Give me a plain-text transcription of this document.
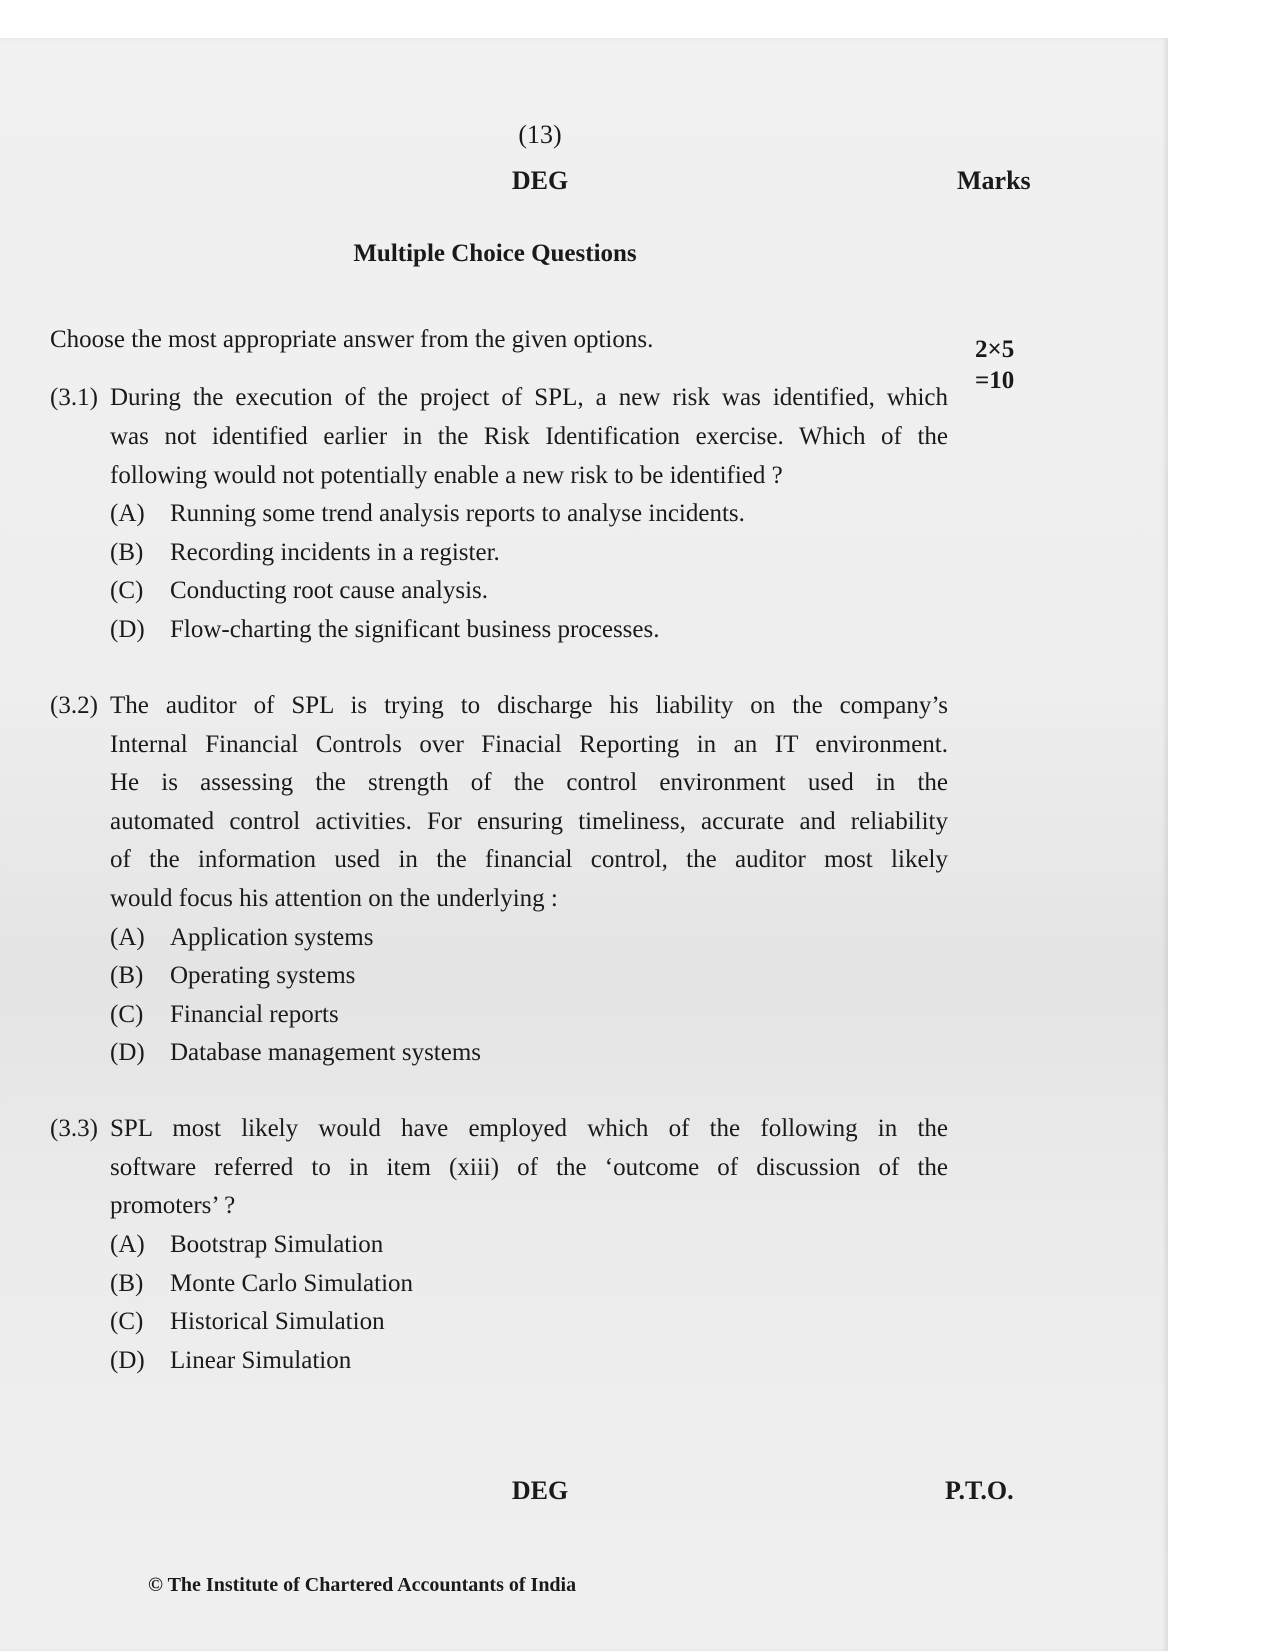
(13)
DEG	Marks
Multiple Choice Questions
Choose the most appropriate answer from the given options.	2×5
=10
(3.1) During the execution of the project of SPL, a new risk was identified, which
was not identified earlier in the Risk Identification exercise. Which of the
following would not potentially enable a new risk to be identified ?
(A) Running some trend analysis reports to analyse incidents.
(B) Recording incidents in a register.
(C) Conducting root cause analysis.
(D) Flow-charting the significant business processes.
(3.2) The auditor of SPL is trying to discharge his liability on the company’s
Internal Financial Controls over Finacial Reporting in an IT environment.
He is assessing the strength of the control environment used in the
automated control activities. For ensuring timeliness, accurate and reliability
of the information used in the financial control, the auditor most likely
would focus his attention on the underlying :
(A) Application systems
(B) Operating systems
(C) Financial reports
(D) Database management systems
(3.3) SPL most likely would have employed which of the following in the
software referred to in item (xiii) of the ‘outcome of discussion of the
promoters’ ?
(A) Bootstrap Simulation
(B) Monte Carlo Simulation
(C) Historical Simulation
(D) Linear Simulation
DEG	P.T.O.
© The Institute of Chartered Accountants of India
